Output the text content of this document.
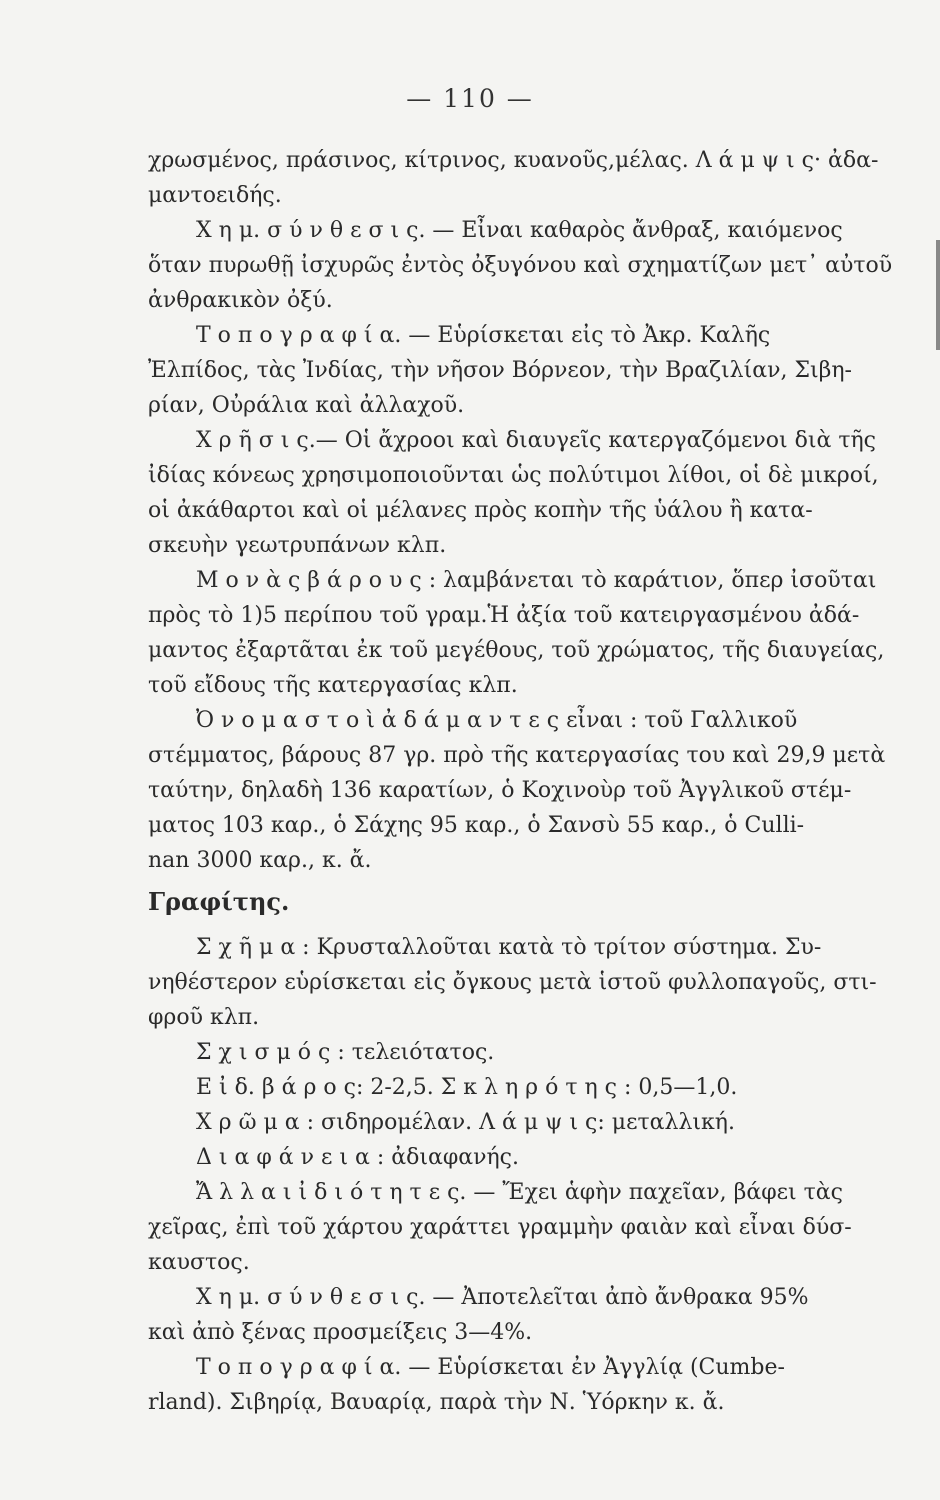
— 110 —
χρωσμένος, πράσινος, κίτρινος, κυανοῦς,μέλας. Λ ά μ ψ ι ς· ἀδα-
μαντοειδής.
Χ η μ. σ ύ ν θ ε σ ι ς. — Εἶναι καθαρὸς ἄνθραξ, καιόμενος
ὅταν πυρωθῇ ἰσχυρῶς ἐντὸς ὀξυγόνου καὶ σχηματίζων μετ᾽ αὐτοῦ
ἀνθρακικὸν ὀξύ.
Τ ο π ο γ ρ α φ ί α. — Εὑρίσκεται εἰς τὸ Ἀκρ. Καλῆς
Ἐλπίδος, τὰς Ἰνδίας, τὴν νῆσον Βόρνεον, τὴν Βραζιλίαν, Σιβη-
ρίαν, Οὐράλια καὶ ἀλλαχοῦ.
Χ ρ ῆ σ ι ς.— Οἱ ἄχροοι καὶ διαυγεῖς κατεργαζόμενοι διὰ τῆς
ἰδίας κόνεως χρησιμοποιοῦνται ὡς πολύτιμοι λίθοι, οἱ δὲ μικροί,
οἱ ἀκάθαρτοι καὶ οἱ μέλανες πρὸς κοπὴν τῆς ὑάλου ἢ κατα-
σκευὴν γεωτρυπάνων κλπ.
Μ ο ν ὰ ς β ά ρ ο υ ς : λαμβάνεται τὸ καράτιον, ὅπερ ἰσοῦται
πρὸς τὸ 1)5 περίπου τοῦ γραμ.Ἡ ἀξία τοῦ κατειργασμένου ἀδά-
μαντος ἐξαρτᾶται ἐκ τοῦ μεγέθους, τοῦ χρώματος, τῆς διαυγείας,
τοῦ εἴδους τῆς κατεργασίας κλπ.
Ὀ ν ο μ α σ τ ο ὶ ἀ δ ά μ α ν τ ε ς εἶναι : τοῦ Γαλλικοῦ
στέμματος, βάρους 87 γρ. πρὸ τῆς κατεργασίας του καὶ 29,9 μετὰ
ταύτην, δηλαδὴ 136 καρατίων, ὁ Κοχινοὺρ τοῦ Ἀγγλικοῦ στέμ-
ματος 103 καρ., ὁ Σάχης 95 καρ., ὁ Σανσὺ 55 καρ., ὁ Culli-
nan 3000 καρ., κ. ἄ.
Γραφίτης.
Σ χ ῆ μ α : Κρυσταλλοῦται κατὰ τὸ τρίτον σύστημα. Συ-
νηθέστερον εὑρίσκεται εἰς ὄγκους μετὰ ἱστοῦ φυλλοπαγοῦς, στι-
φροῦ κλπ.
Σ χ ι σ μ ό ς : τελειότατος.
Ε ἰ δ. β ά ρ ο ς: 2-2,5. Σ κ λ η ρ ό τ η ς : 0,5—1,0.
Χ ρ ῶ μ α : σιδηρομέλαν. Λ ά μ ψ ι ς: μεταλλική.
Δ ι α φ ά ν ε ι α : ἀδιαφανής.
Ἄ λ λ α ι ἰ δ ι ό τ η τ ε ς. — Ἔχει ἁφὴν παχεῖαν, βάφει τὰς
χεῖρας, ἐπὶ τοῦ χάρτου χαράττει γραμμὴν φαιὰν καὶ εἶναι δύσ-
καυστος.
Χ η μ. σ ύ ν θ ε σ ι ς. — Ἀποτελεῖται ἀπὸ ἄνθρακα 95%
καὶ ἀπὸ ξένας προσμείξεις 3—4%.
Τ ο π ο γ ρ α φ ί α. — Εὑρίσκεται ἐν Ἀγγλίᾳ (Cumbe-
rland). Σιβηρίᾳ, Βαυαρίᾳ, παρὰ τὴν Ν. Ὑόρκην κ. ἄ.
